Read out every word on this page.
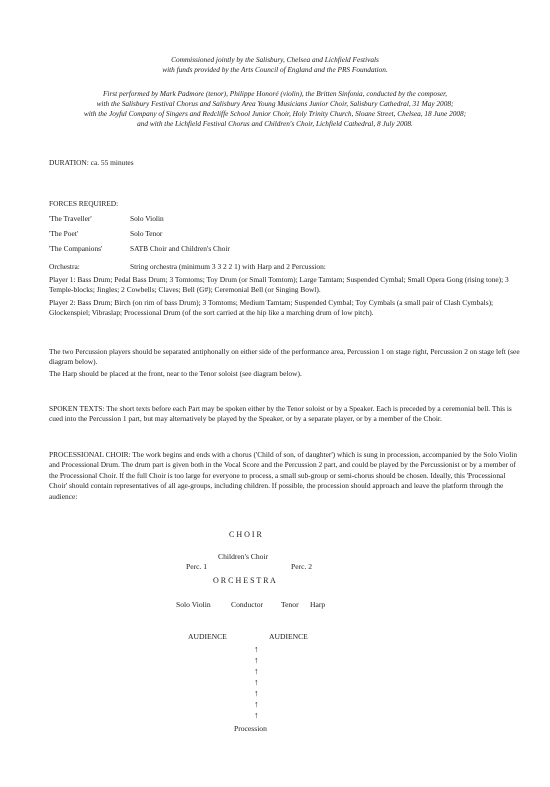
Commissioned jointly by the Salisbury, Chelsea and Lichfield Festivals
with funds provided by the Arts Council of England and the PRS Foundation.
First performed by Mark Padmore (tenor), Philippe Honoré (violin), the Britten Sinfonia, conducted by the composer,
with the Salisbury Festival Chorus and Salisbury Area Young Musicians Junior Choir, Salisbury Cathedral, 31 May 2008;
with the Joyful Company of Singers and Redcliffe School Junior Choir, Holy Trinity Church, Sloane Street, Chelsea, 18 June 2008;
and with the Lichfield Festival Chorus and Children's Choir, Lichfield Cathedral, 8 July 2008.
DURATION: ca. 55 minutes
FORCES REQUIRED:
'The Traveller'	Solo Violin
'The Poet'	Solo Tenor
'The Companions'	SATB Choir and Children's Choir
Orchestra:	String orchestra (minimum 3 3 2 2 1) with Harp and 2 Percussion:
Player 1: Bass Drum; Pedal Bass Drum; 3 Tomtoms; Toy Drum (or Small Tomtom); Large Tamtam; Suspended Cymbal; Small Opera Gong (rising tone); 3 Temple-blocks; Jingles; 2 Cowbells; Claves; Bell (G#); Ceremonial Bell (or Singing Bowl).
Player 2: Bass Drum; Birch (on rim of bass Drum); 3 Tomtoms; Medium Tamtam; Suspended Cymbal; Toy Cymbals (a small pair of Clash Cymbals); Glockenspiel; Vibraslap; Processional Drum (of the sort carried at the hip like a marching drum of low pitch).
The two Percussion players should be separated antiphonally on either side of the performance area, Percussion 1 on stage right, Percussion 2 on stage left (see diagram below).
The Harp should be placed at the front, near to the Tenor soloist (see diagram below).
SPOKEN TEXTS: The short texts before each Part may be spoken either by the Tenor soloist or by a Speaker. Each is preceded by a ceremonial bell. This is cued into the Percussion 1 part, but may alternatively be played by the Speaker, or by a separate player, or by a member of the Choir.
PROCESSIONAL CHOIR: The work begins and ends with a chorus ('Child of son, of daughter') which is sung in procession, accompanied by the Solo Violin and Processional Drum. The drum part is given both in the Vocal Score and the Percussion 2 part, and could be played by the Percussionist or by a member of the Processional Choir. If the full Choir is too large for everyone to process, a small sub-group or semi-chorus should be chosen. Ideally, this 'Processional Choir' should contain representatives of all age-groups, including children. If possible, the procession should approach and leave the platform through the audience:
C H O I R
Children's Choir
Perc. 1	Perc. 2
O R C H E S T R A
Solo Violin	Conductor Tenor Harp
AUDIENCE	AUDIENCE
↑
↑
↑
↑
↑
↑
↑
Procession
